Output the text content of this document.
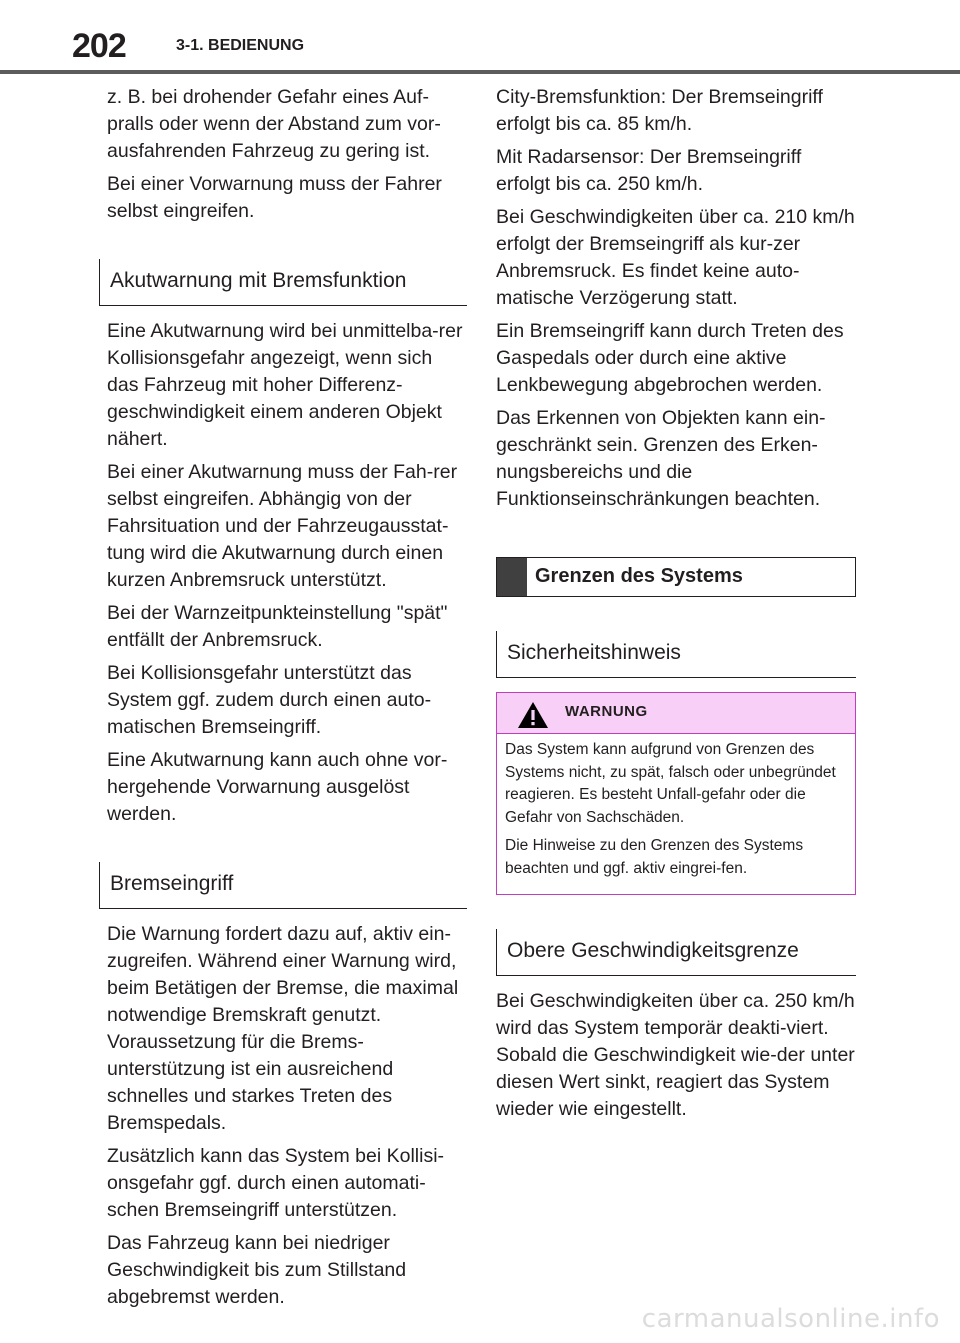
202	3-1. BEDIENUNG

z. B. bei drohender Gefahr eines Auf-pralls oder wenn der Abstand zum vor-ausfahrenden Fahrzeug zu gering ist.

Bei einer Vorwarnung muss der Fahrer selbst eingreifen.

Akutwarnung mit Bremsfunktion

Eine Akutwarnung wird bei unmittelba-rer Kollisionsgefahr angezeigt, wenn sich das Fahrzeug mit hoher Differenz-geschwindigkeit einem anderen Objekt nähert.

Bei einer Akutwarnung muss der Fah-rer selbst eingreifen. Abhängig von der Fahrsituation und der Fahrzeugausstat-tung wird die Akutwarnung durch einen kurzen Anbremsruck unterstützt.

Bei der Warnzeitpunkteinstellung "spät" entfällt der Anbremsruck.

Bei Kollisionsgefahr unterstützt das System ggf. zudem durch einen auto-matischen Bremseingriff.

Eine Akutwarnung kann auch ohne vor-hergehende Vorwarnung ausgelöst werden.

Bremseingriff

Die Warnung fordert dazu auf, aktiv ein-zugreifen. Während einer Warnung wird, beim Betätigen der Bremse, die maximal notwendige Bremskraft genutzt. Voraussetzung für die Brems-unterstützung ist ein ausreichend schnelles und starkes Treten des Bremspedals.

Zusätzlich kann das System bei Kollisi-onsgefahr ggf. durch einen automati-schen Bremseingriff unterstützen.

Das Fahrzeug kann bei niedriger Geschwindigkeit bis zum Stillstand abgebremst werden.

City-Bremsfunktion: Der Bremseingriff erfolgt bis ca. 85 km/h.

Mit Radarsensor: Der Bremseingriff erfolgt bis ca. 250 km/h.

Bei Geschwindigkeiten über ca. 210 km/h erfolgt der Bremseingriff als kur-zer Anbremsruck. Es findet keine auto-matische Verzögerung statt.

Ein Bremseingriff kann durch Treten des Gaspedals oder durch eine aktive Lenkbewegung abgebrochen werden.

Das Erkennen von Objekten kann ein-geschränkt sein. Grenzen des Erken-nungsbereichs und die Funktionseinschränkungen beachten.

Grenzen des Systems
Sicherheitshinweis
WARNUNG

Das System kann aufgrund von Grenzen des Systems nicht, zu spät, falsch oder unbegründet reagieren. Es besteht Unfall-gefahr oder die Gefahr von Sachschäden.

Die Hinweise zu den Grenzen des Systems beachten und ggf. aktiv eingrei-fen.

Obere Geschwindigkeitsgrenze

Bei Geschwindigkeiten über ca. 250 km/h wird das System temporär deakti-viert. Sobald die Geschwindigkeit wie-der unter diesen Wert sinkt, reagiert das System wieder wie eingestellt.

carmanualsonline.info
